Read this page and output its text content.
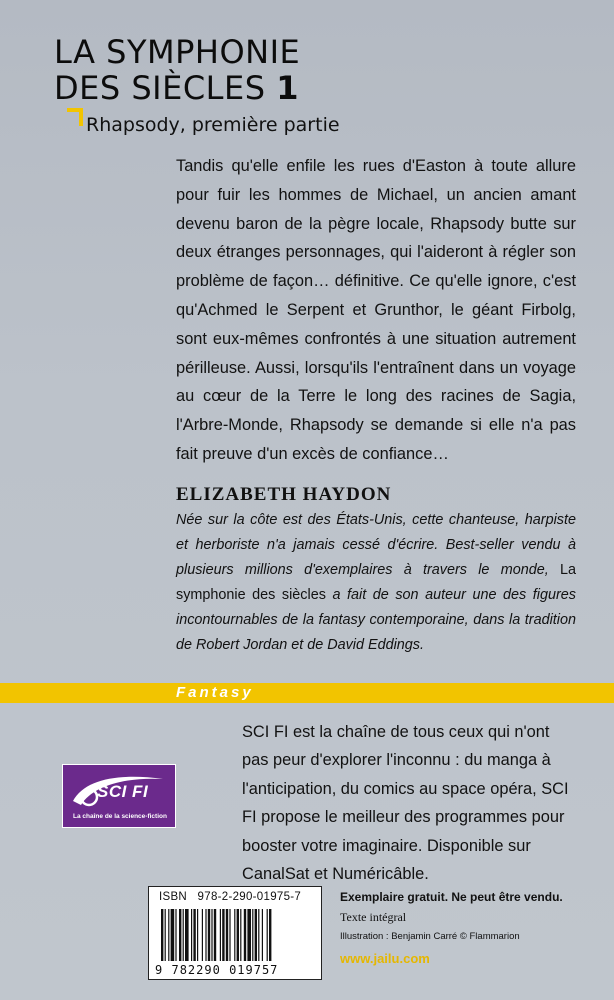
LA SYMPHONIE
DES SIÈCLES 1

Rhapsody, première partie

Tandis qu'elle enfile les rues d'Easton à toute allure pour fuir les hommes de Michael, un ancien amant devenu baron de la pègre locale, Rhapsody butte sur deux étranges personnages, qui l'aideront à régler son problème de façon… définitive. Ce qu'elle ignore, c'est qu'Achmed le Serpent et Grunthor, le géant Firbolg, sont eux-mêmes confrontés à une situation autrement périlleuse. Aussi, lorsqu'ils l'entraînent dans un voyage au cœur de la Terre le long des racines de Sagia, l'Arbre-Monde, Rhapsody se demande si elle n'a pas fait preuve d'un excès de confiance…

ELIZABETH HAYDON

Née sur la côte est des États-Unis, cette chanteuse, harpiste et herboriste n'a jamais cessé d'écrire. Best-seller vendu à plusieurs millions d'exemplaires à travers le monde, La symphonie des siècles a fait de son auteur une des figures incontournables de la fantasy contemporaine, dans la tradition de Robert Jordan et de David Eddings.

Fantasy

SCI FI
La chaîne de la science-fiction

SCI FI est la chaîne de tous ceux qui n'ont pas peur d'explorer l'inconnu : du manga à l'anticipation, du comics au space opéra, SCI FI propose le meilleur des programmes pour booster votre imaginaire. Disponible sur CanalSat et Numéricâble.

ISBN 978-2-290-01975-7
9 782290 019757

Exemplaire gratuit. Ne peut être vendu.

Texte intégral

Illustration : Benjamin Carré © Flammarion

www.jailu.com
